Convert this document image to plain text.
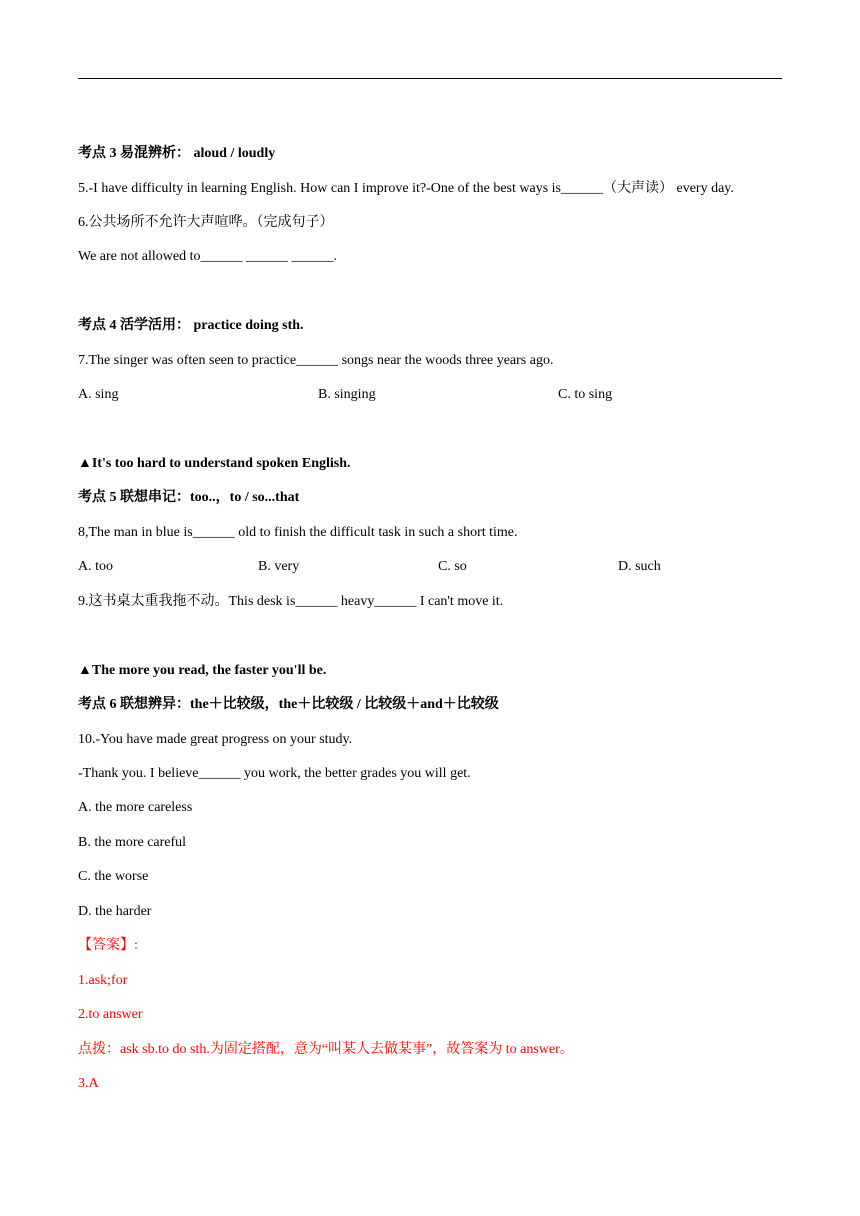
考点 3 易混辨析： aloud / loudly
5.-I have difficulty in learning English. How can I improve it?-One of the best ways is______（大声读） every day.
6.公共场所不允许大声喧哗。（完成句子）
We are not allowed to______ ______ ______.
考点 4 活学活用： practice doing sth.
7.The singer was often seen to practice______ songs near the woods three years ago.
A. sing	B. singing	C. to sing
▲It's too hard to understand spoken English.
考点 5 联想串记：too..，to / so...that
8,The man in blue is______ old to finish the difficult task in such a short time.
A. too	B. very	C. so	D. such
9.这书桌太重我拖不动。This desk is______ heavy______ I can't move it.
▲The more you read, the faster you'll be.
考点 6 联想辨异：the＋比较级，the＋比较级 / 比较级＋and＋比较级
10.-You have made great progress on your study.
-Thank you. I believe______ you work, the better grades you will get.
A. the more careless
B. the more careful
C. the worse
D. the harder
【答案】:
1.ask;for
2.to answer
点拨：ask sb.to do sth.为固定搭配，意为“叫某人去做某事”，故答案为 to answer。
3.A
